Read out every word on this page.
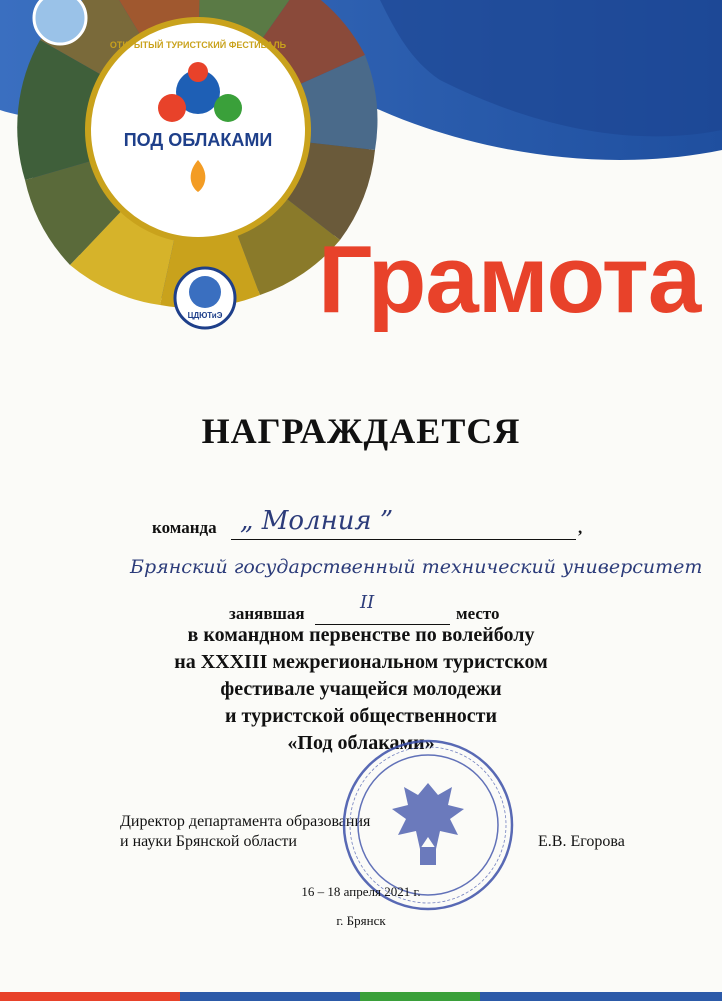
ОТКРЫТЫЙ ТУРИСТСКИЙ ФЕСТИВАЛЬ
ПОД ОБЛАКАМИ
ЦДЮТиЭ Грамота
НАГРАЖДАЕТСЯ
команда „ Молния ”	,
Брянский государственный технический университет
занявшая
II
место
в командном первенстве по волейболу
на XXXIII межрегиональном туристском
фестивале учащейся молодежи
и туристской общественности
«Под облаками»
Директор департамента образования
и науки Брянской области	Е.В. Егорова
16 – 18 апреля 2021 г.
г. Брянск
